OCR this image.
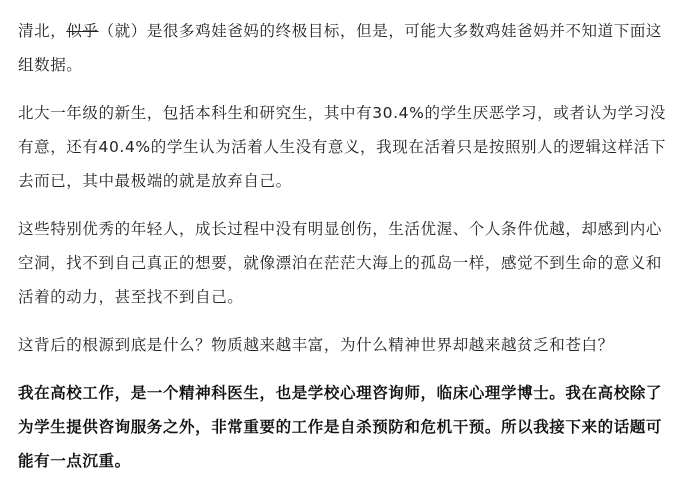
清北，似乎（就）是很多鸡娃爸妈的终极目标，但是，可能大多数鸡娃爸妈并不知道下面这组数据。

北大一年级的新生，包括本科生和研究生，其中有30.4%的学生厌恶学习，或者认为学习没有意，还有40.4%的学生认为活着人生没有意义，我现在活着只是按照别人的逻辑这样活下去而已，其中最极端的就是放弃自己。

这些特别优秀的年轻人，成长过程中没有明显创伤，生活优渥、个人条件优越，却感到内心空洞，找不到自己真正的想要，就像漂泊在茫茫大海上的孤岛一样，感觉不到生命的意义和活着的动力，甚至找不到自己。

这背后的根源到底是什么？物质越来越丰富，为什么精神世界却越来越贫乏和苍白？

我在高校工作，是一个精神科医生，也是学校心理咨询师，临床心理学博士。我在高校除了为学生提供咨询服务之外，非常重要的工作是自杀预防和危机干预。所以我接下来的话题可能有一点沉重。
